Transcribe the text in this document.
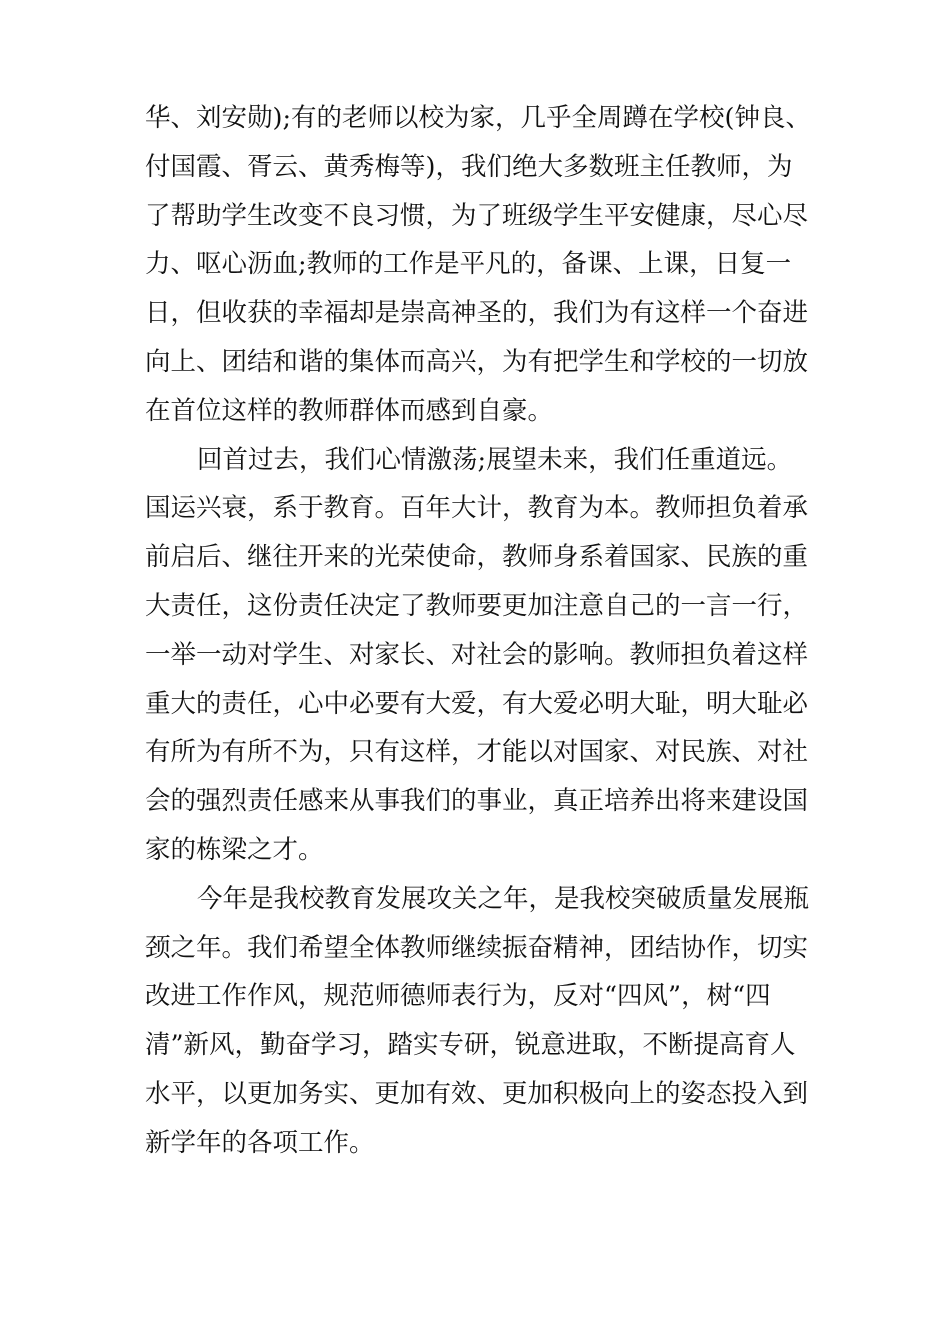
华、刘安勋);有的老师以校为家，几乎全周蹲在学校(钟良、
付国霞、胥云、黄秀梅等)，我们绝大多数班主任教师，为
了帮助学生改变不良习惯，为了班级学生平安健康，尽心尽
力、呕心沥血;教师的工作是平凡的，备课、上课，日复一
日，但收获的幸福却是崇高神圣的，我们为有这样一个奋进
向上、团结和谐的集体而高兴，为有把学生和学校的一切放
在首位这样的教师群体而感到自豪。
回首过去，我们心情激荡;展望未来，我们任重道远。
国运兴衰，系于教育。百年大计，教育为本。教师担负着承
前启后、继往开来的光荣使命，教师身系着国家、民族的重
大责任，这份责任决定了教师要更加注意自己的一言一行，
一举一动对学生、对家长、对社会的影响。教师担负着这样
重大的责任，心中必要有大爱，有大爱必明大耻，明大耻必
有所为有所不为，只有这样，才能以对国家、对民族、对社
会的强烈责任感来从事我们的事业，真正培养出将来建设国
家的栋梁之才。
今年是我校教育发展攻关之年，是我校突破质量发展瓶
颈之年。我们希望全体教师继续振奋精神，团结协作，切实
改进工作作风，规范师德师表行为，反对“四风”，树“四
清”新风，勤奋学习，踏实专研，锐意进取，不断提高育人
水平，以更加务实、更加有效、更加积极向上的姿态投入到
新学年的各项工作。
